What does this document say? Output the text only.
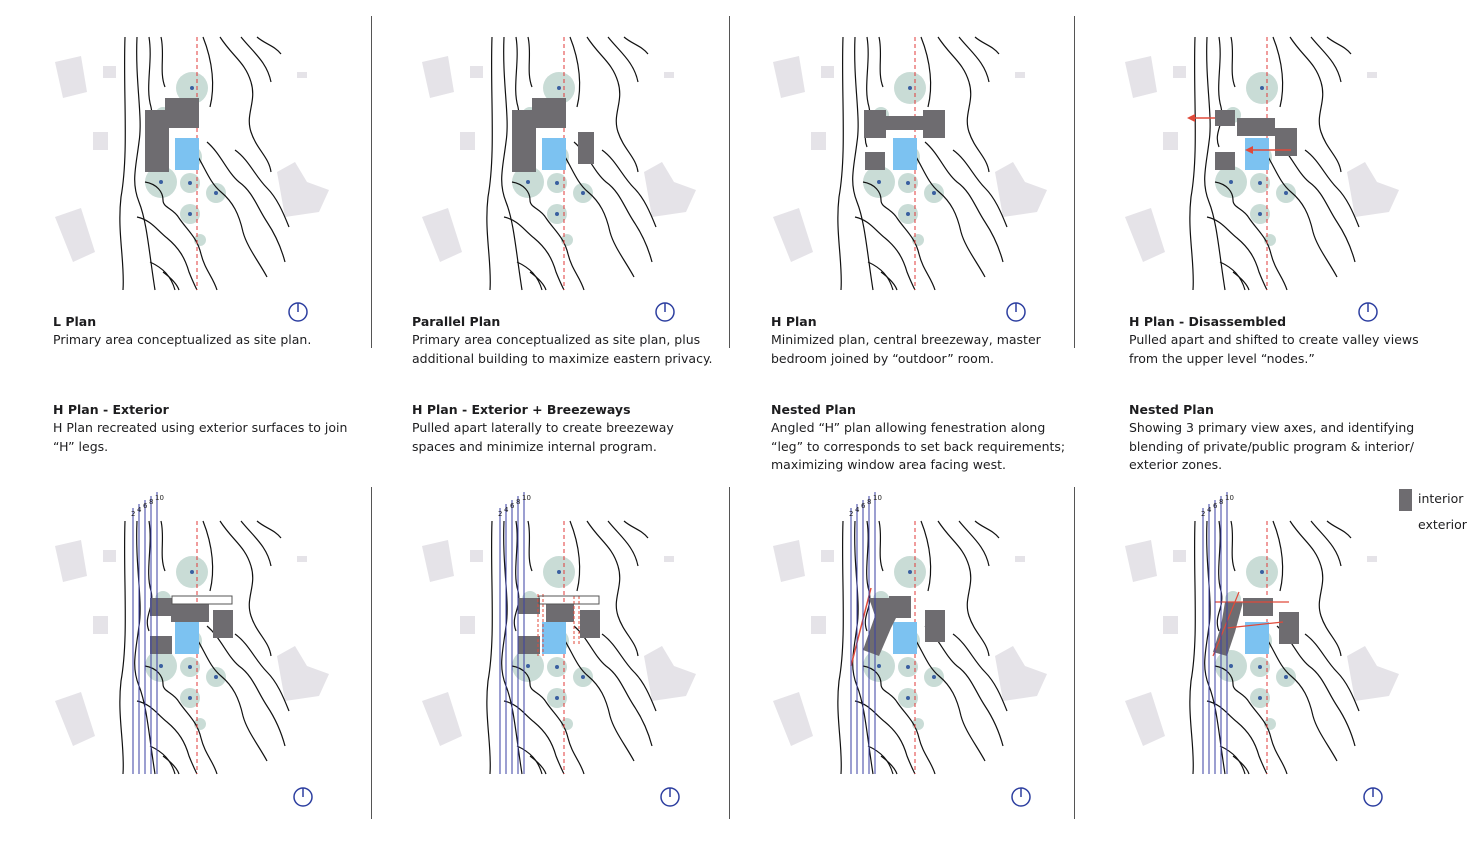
2 4 6 8 10
2 4 6 8 10
2 4 6 8 10
2 4 6 8 10
L Plan
Primary area conceptualized as site plan.
Parallel Plan
Primary area conceptualized as site plan, plus
additional building to maximize eastern privacy.
H Plan
Minimized plan, central breezeway, master
bedroom joined by “outdoor” room.
H Plan - Disassembled
Pulled apart and shifted to create valley views
from the upper level “nodes.”
H Plan - Exterior
H Plan recreated using exterior surfaces to join
“H” legs.
H Plan - Exterior + Breezeways
Pulled apart laterally to create breezeway
spaces and minimize internal program.
Nested Plan
Angled “H” plan allowing fenestration along
“leg” to corresponds to set back requirements;
maximizing window area facing west.
Nested Plan
Showing 3 primary view axes, and identifying
blending of private/public program & interior/
exterior zones.
interior
exterior
